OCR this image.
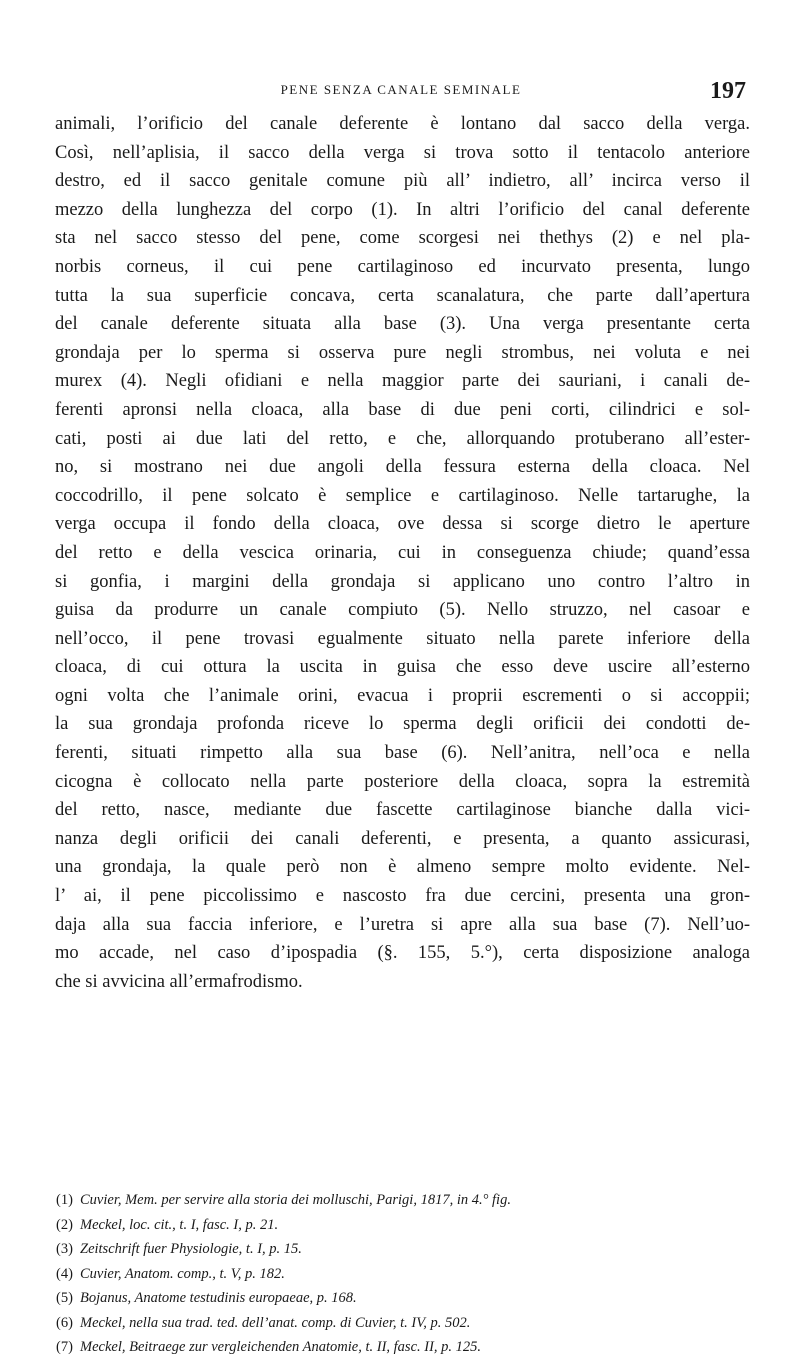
PENE SENZA CANALE SEMINALE	197
animali, l’orificio del canale deferente è lontano dal sacco della verga.
Così, nell’aplisia, il sacco della verga si trova sotto il tentacolo anteriore
destro, ed il sacco genitale comune più all’ indietro, all’ incirca verso il
mezzo della lunghezza del corpo (1). In altri l’orificio del canal deferente
sta nel sacco stesso del pene, come scorgesi nei thethys (2) e nel pla-
norbis corneus, il cui pene cartilaginoso ed incurvato presenta, lungo
tutta la sua superficie concava, certa scanalatura, che parte dall’apertura
del canale deferente situata alla base (3). Una verga presentante certa
grondaja per lo sperma si osserva pure negli strombus, nei voluta e nei
murex (4). Negli ofidiani e nella maggior parte dei sauriani, i canali de-
ferenti apronsi nella cloaca, alla base di due peni corti, cilindrici e sol-
cati, posti ai due lati del retto, e che, allorquando protuberano all’ester-
no, si mostrano nei due angoli della fessura esterna della cloaca. Nel
coccodrillo, il pene solcato è semplice e cartilaginoso. Nelle tartarughe, la
verga occupa il fondo della cloaca, ove dessa si scorge dietro le aperture
del retto e della vescica orinaria, cui in conseguenza chiude; quand’essa
si gonfia, i margini della grondaja si applicano uno contro l’altro in
guisa da produrre un canale compiuto (5). Nello struzzo, nel casoar e
nell’occo, il pene trovasi egualmente situato nella parete inferiore della
cloaca, di cui ottura la uscita in guisa che esso deve uscire all’esterno
ogni volta che l’animale orini, evacua i proprii escrementi o si accoppii;
la sua grondaja profonda riceve lo sperma degli orificii dei condotti de-
ferenti, situati rimpetto alla sua base (6). Nell’anitra, nell’oca e nella
cicogna è collocato nella parte posteriore della cloaca, sopra la estremità
del retto, nasce, mediante due fascette cartilaginose bianche dalla vici-
nanza degli orificii dei canali deferenti, e presenta, a quanto assicurasi,
una grondaja, la quale però non è almeno sempre molto evidente. Nel-
l’ ai, il pene piccolissimo e nascosto fra due cercini, presenta una gron-
daja alla sua faccia inferiore, e l’uretra si apre alla sua base (7). Nell’uo-
mo accade, nel caso d’ipospadia (§. 155, 5.°), certa disposizione analoga
che si avvicina all’ermafrodismo.
(1) Cuvier, Mem. per servire alla storia dei molluschi, Parigi, 1817, in 4.° fig.
(2) Meckel, loc. cit., t. I, fasc. I, p. 21.
(3) Zeitschrift fuer Physiologie, t. I, p. 15.
(4) Cuvier, Anatom. comp., t. V, p. 182.
(5) Bojanus, Anatome testudinis europaeae, p. 168.
(6) Meckel, nella sua trad. ted. dell’anat. comp. di Cuvier, t. IV, p. 502.
(7) Meckel, Beitraege zur vergleichenden Anatomie, t. II, fasc. II, p. 125.
